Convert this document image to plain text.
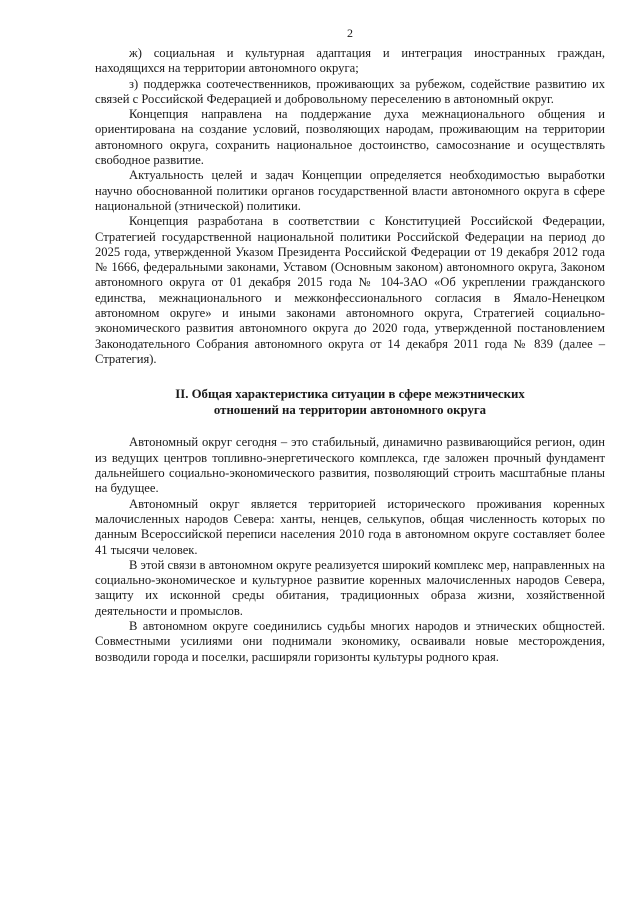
2

ж) социальная и культурная адаптация и интеграция иностранных граждан, находящихся на территории автономного округа;

з) поддержка соотечественников, проживающих за рубежом, содействие развитию их связей с Российской Федерацией и добровольному переселению в автономный округ.

Концепция направлена на поддержание духа межнационального общения и ориентирована на создание условий, позволяющих народам, проживающим на территории автономного округа, сохранить национальное достоинство, самосознание и осуществлять свободное развитие.

Актуальность целей и задач Концепции определяется необходимостью выработки научно обоснованной политики органов государственной власти автономного округа в сфере национальной (этнической) политики.

Концепция разработана в соответствии с Конституцией Российской Федерации, Стратегией государственной национальной политики Российской Федерации на период до 2025 года, утвержденной Указом Президента Российской Федерации от 19 декабря 2012 года № 1666, федеральными законами, Уставом (Основным законом) автономного округа, Законом автономного округа от 01 декабря 2015 года № 104-ЗАО «Об укреплении гражданского единства, межнационального и межконфессионального согласия в Ямало-Ненецком автономном округе» и иными законами автономного округа, Стратегией социально-экономического развития автономного округа до 2020 года, утвержденной постановлением Законодательного Собрания автономного округа от 14 декабря 2011 года № 839 (далее – Стратегия).

II. Общая характеристика ситуации в сфере межэтнических
отношений на территории автономного округа

Автономный округ сегодня – это стабильный, динамично развивающийся регион, один из ведущих центров топливно-энергетического комплекса, где заложен прочный фундамент дальнейшего социально-экономического развития, позволяющий строить масштабные планы на будущее.

Автономный округ является территорией исторического проживания коренных малочисленных народов Севера: ханты, ненцев, селькупов, общая численность которых по данным Всероссийской переписи населения 2010 года в автономном округе составляет более 41 тысячи человек.

В этой связи в автономном округе реализуется широкий комплекс мер, направленных на социально-экономическое и культурное развитие коренных малочисленных народов Севера, защиту их исконной среды обитания, традиционных образа жизни, хозяйственной деятельности и промыслов.

В автономном округе соединились судьбы многих народов и этнических общностей. Совместными усилиями они поднимали экономику, осваивали новые месторождения, возводили города и поселки, расширяли горизонты культуры родного края.
